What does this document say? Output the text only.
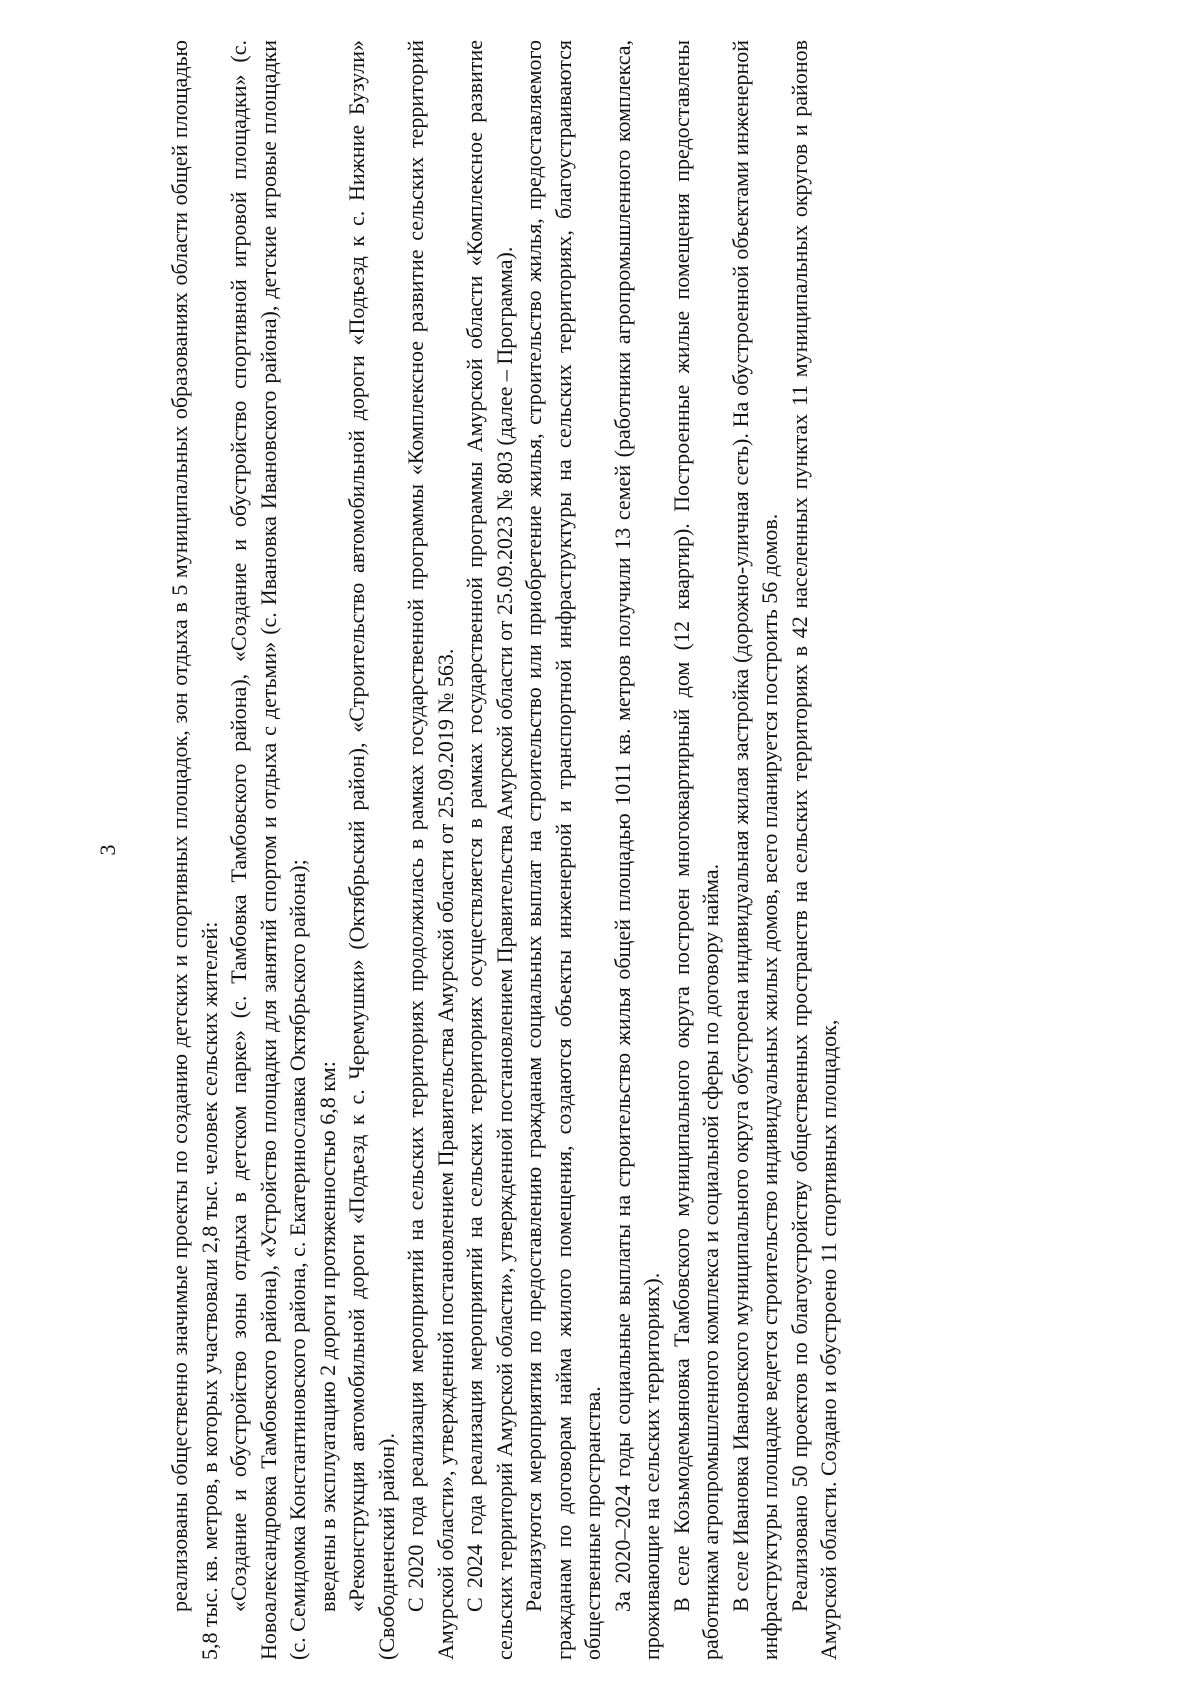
3 реализованы общественно значимые проекты по созданию детских и спортивных площадок, зон отдыха в 5 муниципальных образованиях области общей площадью 5,8 тыс. кв. метров, в которых участвовали 2,8 тыс. человек сельских жителей: «Создание и обустройство зоны отдыха в детском парке» (с. Тамбовка Тамбовского района), «Создание и обустройство спортивной игровой площадки» (с. Новоалександровка Тамбовского района), «Устройство площадки для занятий спортом и отдыха с детьми» (с. Ивановка Ивановского района), детские игровые площадки (с. Семидомка Константиновского района, с. Екатеринославка Октябрьского района); введены в эксплуатацию 2 дороги протяженностью 6,8 км: «Реконструкция автомобильной дороги «Подъезд к с. Черемушки» (Октябрьский район), «Строительство автомобильной дороги «Подъезд к с. Нижние Бузули» (Свободненский район). С 2020 года реализация мероприятий на сельских территориях продолжилась в рамках государственной программы «Комплексное развитие сельских территорий Амурской области», утвержденной постановлением Правительства Амурской области от 25.09.2019 № 563. С 2024 года реализация мероприятий на сельских территориях осуществляется в рамках государственной программы Амурской области «Комплексное развитие сельских территорий Амурской области», утвержденной постановлением Правительства Амурской области от 25.09.2023 № 803 (далее – Программа). Реализуются мероприятия по предоставлению гражданам социальных выплат на строительство или приобретение жилья, строительство жилья, предоставляемого гражданам по договорам найма жилого помещения, создаются объекты инженерной и транспортной инфраструктуры на сельских территориях, благоустраиваются общественные пространства. За 2020–2024 годы социальные выплаты на строительство жилья общей площадью 1011 кв. метров получили 13 семей (работники агропромышленного комплекса, проживающие на сельских территориях). В селе Козьмодемьяновка Тамбовского муниципального округа построен многоквартирный дом (12 квартир). Построенные жилые помещения предоставлены работникам агропромышленного комплекса и социальной сферы по договору найма. В селе Ивановка Ивановского муниципального округа обустроена индивидуальная жилая застройка (дорожно-уличная сеть). На обустроенной объектами инженерной инфраструктуры площадке ведется строительство индивидуальных жилых домов, всего планируется построить 56 домов. Реализовано 50 проектов по благоустройству общественных пространств на сельских территориях в 42 населенных пунктах 11 муниципальных округов и районов Амурской области. Создано и обустроено 11 спортивных площадок,
